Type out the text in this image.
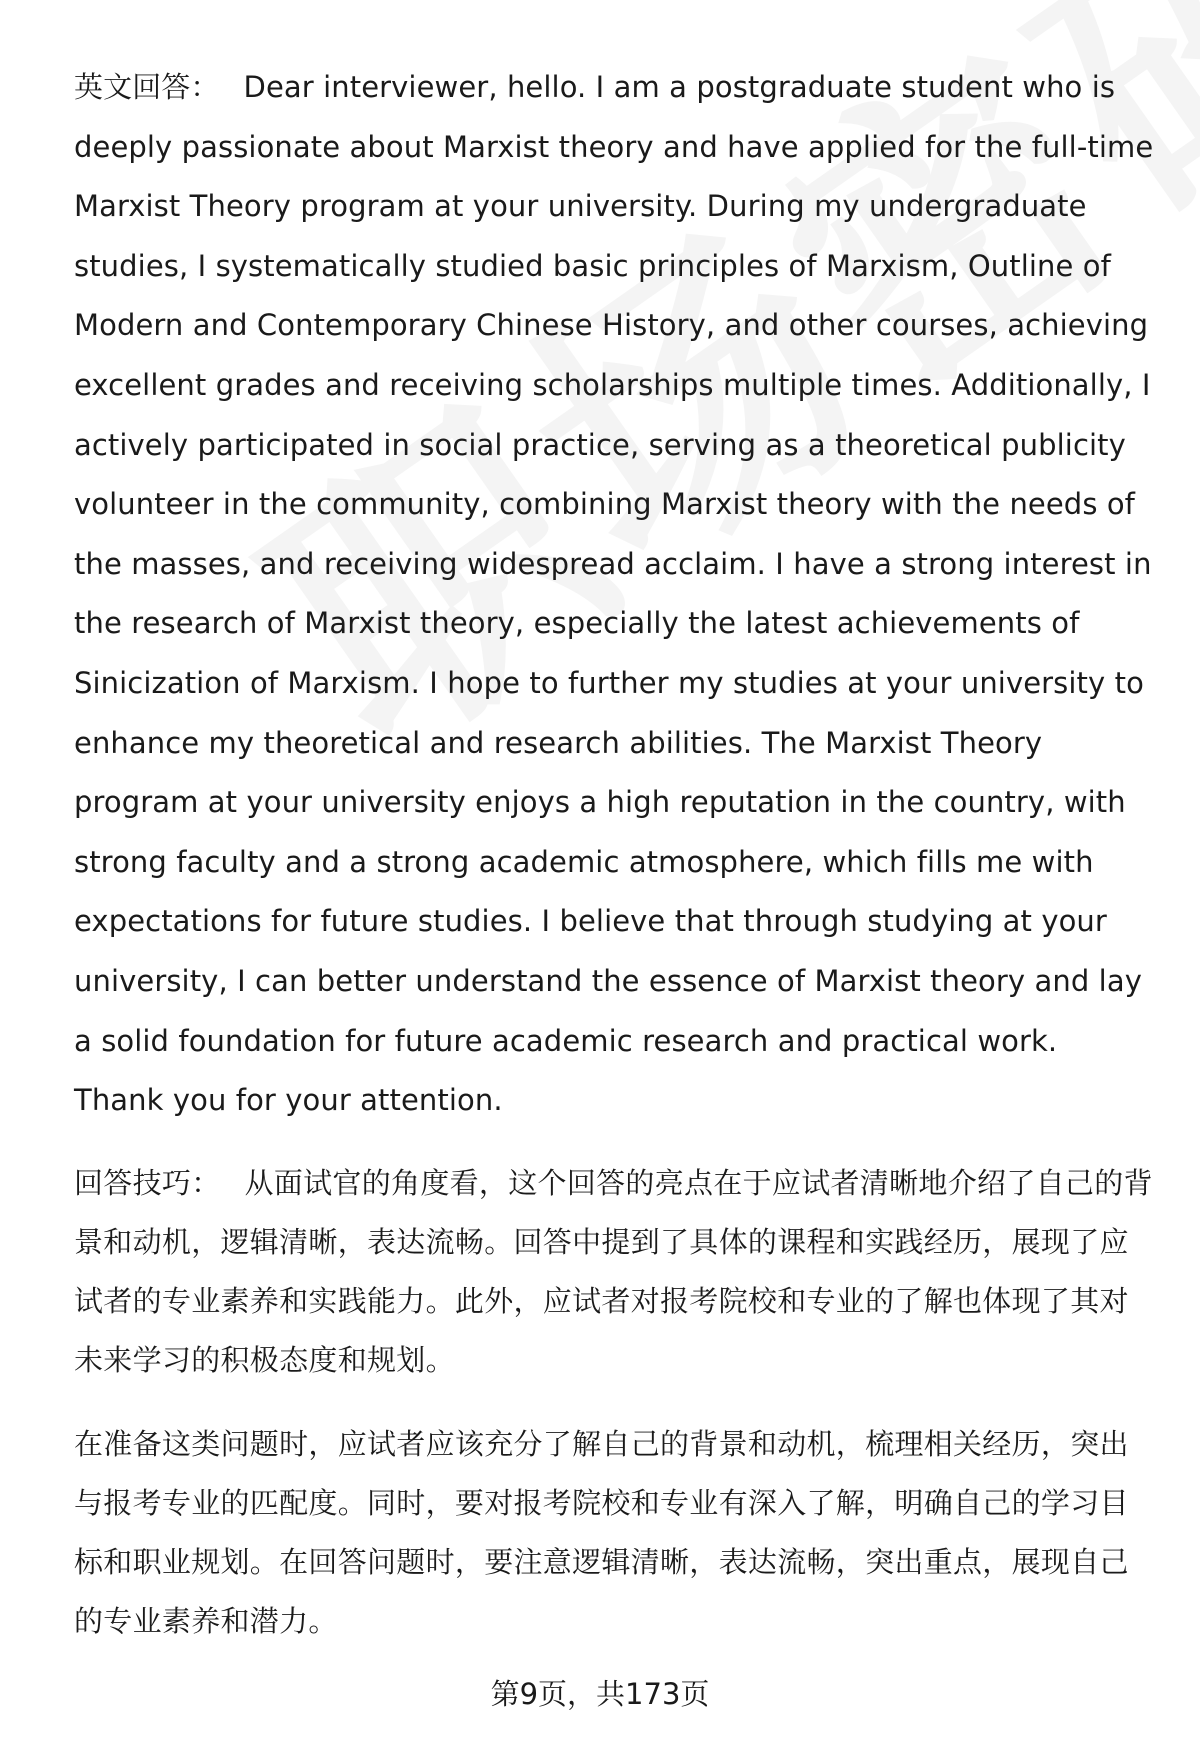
英文回答： Dear interviewer, hello. I am a postgraduate student who is deeply passionate about Marxist theory and have applied for the full-time Marxist Theory program at your university. During my undergraduate studies, I systematically studied basic principles of Marxism, Outline of Modern and Contemporary Chinese History, and other courses, achieving excellent grades and receiving scholarships multiple times. Additionally, I actively participated in social practice, serving as a theoretical publicity volunteer in the community, combining Marxist theory with the needs of the masses, and receiving widespread acclaim. I have a strong interest in the research of Marxist theory, especially the latest achievements of Sinicization of Marxism. I hope to further my studies at your university to enhance my theoretical and research abilities. The Marxist Theory program at your university enjoys a high reputation in the country, with strong faculty and a strong academic atmosphere, which fills me with expectations for future studies. I believe that through studying at your university, I can better understand the essence of Marxist theory and lay a solid foundation for future academic research and practical work. Thank you for your attention.

回答技巧： 从面试官的角度看，这个回答的亮点在于应试者清晰地介绍了自己的背景和动机，逻辑清晰，表达流畅。回答中提到了具体的课程和实践经历，展现了应试者的专业素养和实践能力。此外，应试者对报考院校和专业的了解也体现了其对未来学习的积极态度和规划。

在准备这类问题时，应试者应该充分了解自己的背景和动机，梳理相关经历，突出与报考专业的匹配度。同时，要对报考院校和专业有深入了解，明确自己的学习目标和职业规划。在回答问题时，要注意逻辑清晰，表达流畅，突出重点，展现自己的专业素养和潜力。

第9页，共173页
